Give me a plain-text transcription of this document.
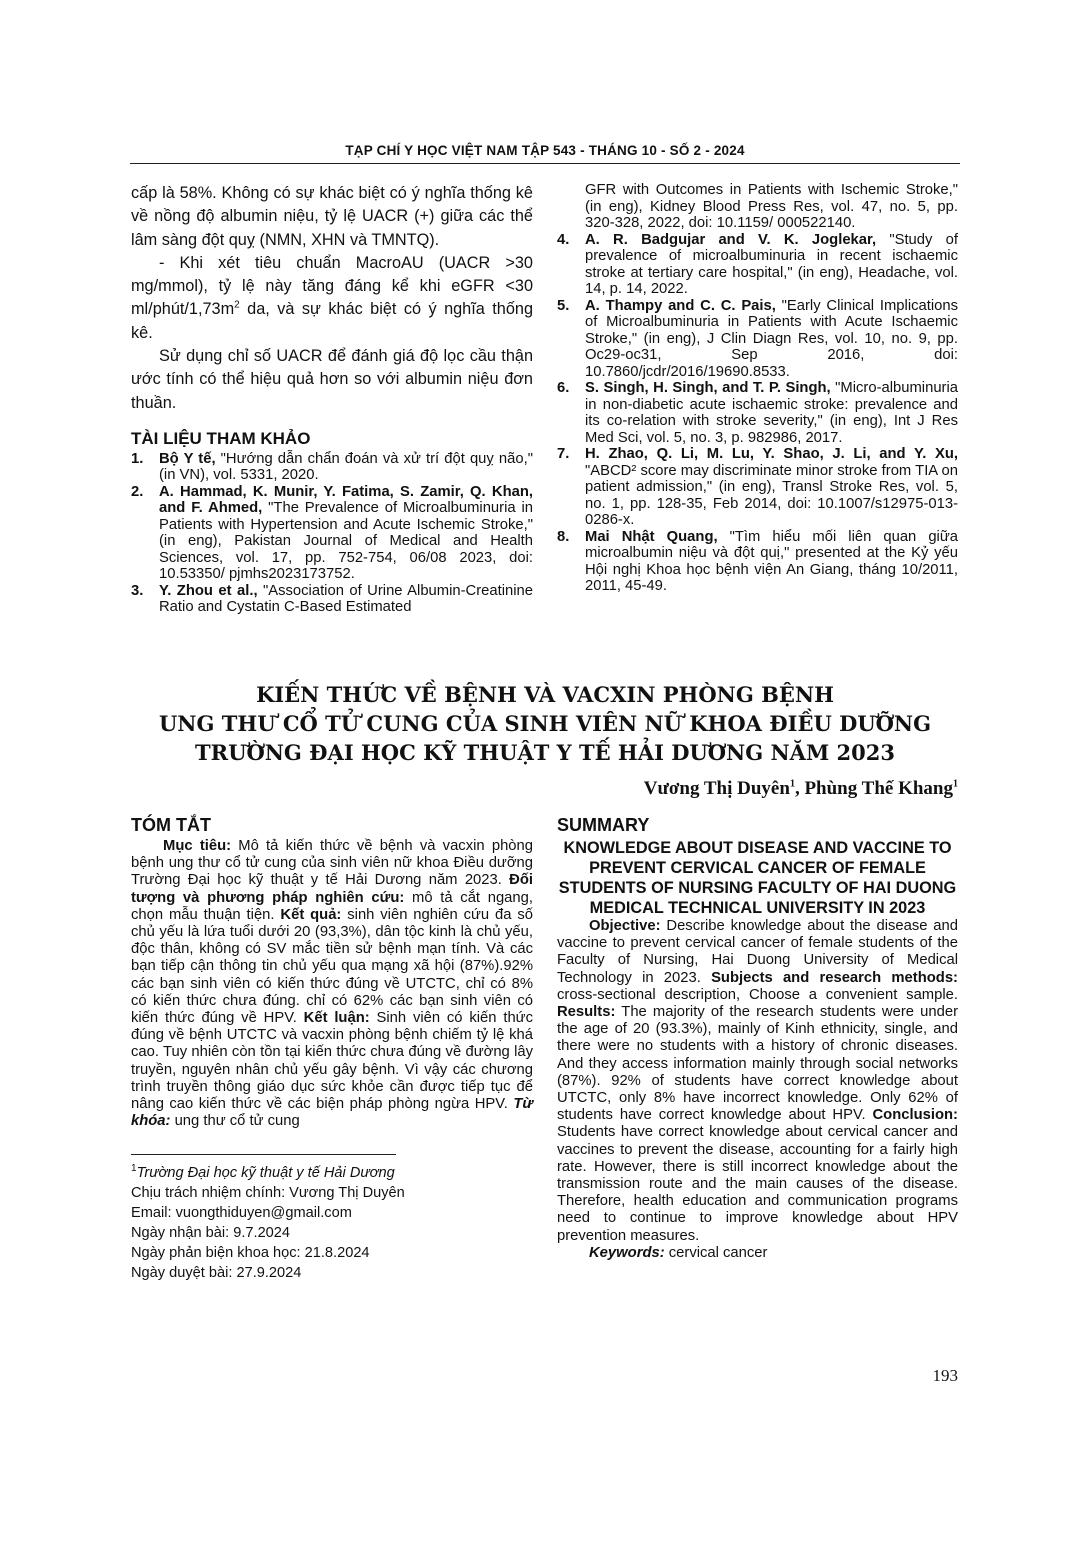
TẠP CHÍ Y HỌC VIỆT NAM TẬP 543 - THÁNG 10 - SỐ 2 - 2024

cấp là 58%. Không có sự khác biệt có ý nghĩa thống kê về nồng độ albumin niệu, tỷ lệ UACR (+) giữa các thể lâm sàng đột quỵ (NMN, XHN và TMNTQ).

- Khi xét tiêu chuẩn MacroAU (UACR >30 mg/mmol), tỷ lệ này tăng đáng kể khi eGFR <30 $ml/phút/1,73m^2$ da, và sự khác biệt có ý nghĩa thống kê.

Sử dụng chỉ số UACR để đánh giá độ lọc cầu thận ước tính có thể hiệu quả hơn so với albumin niệu đơn thuần.

TÀI LIỆU THAM KHẢO
1.	Bộ Y tế, "Hướng dẫn chẩn đoán và xử trí đột quỵ não," (in VN), vol. 5331, 2020.
2.	A. Hammad, K. Munir, Y. Fatima, S. Zamir, Q. Khan, and F. Ahmed, "The Prevalence of Microalbuminuria in Patients with Hypertension and Acute Ischemic Stroke," (in eng), Pakistan Journal of Medical and Health Sciences, vol. 17, pp. 752-754, 06/08 2023, doi: 10.53350/ pjmhs2023173752.
3.	Y. Zhou et al., "Association of Urine Albumin-Creatinine Ratio and Cystatin C-Based Estimated

GFR with Outcomes in Patients with Ischemic Stroke," (in eng), Kidney Blood Press Res, vol. 47, no. 5, pp. 320-328, 2022, doi: 10.1159/ 000522140.

4.	A. R. Badgujar and V. K. Joglekar, "Study of prevalence of microalbuminuria in recent ischaemic stroke at tertiary care hospital," (in eng), Headache, vol. 14, p. 14, 2022.
5.	A. Thampy and C. C. Pais, "Early Clinical Implications of Microalbuminuria in Patients with Acute Ischaemic Stroke," (in eng), J Clin Diagn Res, vol. 10, no. 9, pp. Oc29-oc31, Sep 2016, doi: 10.7860/jcdr/2016/19690.8533.
6.	S. Singh, H. Singh, and T. P. Singh, "Micro-albuminuria in non-diabetic acute ischaemic stroke: prevalence and its co-relation with stroke severity," (in eng), Int J Res Med Sci, vol. 5, no. 3, p. 982986, 2017.
7.	H. Zhao, Q. Li, M. Lu, Y. Shao, J. Li, and Y. Xu, "ABCD² score may discriminate minor stroke from TIA on patient admission," (in eng), Transl Stroke Res, vol. 5, no. 1, pp. 128-35, Feb 2014, doi: 10.1007/s12975-013-0286-x.
8.	Mai Nhật Quang, "Tìm hiểu mối liên quan giữa microalbumin niệu và đột quị," presented at the Kỷ yếu Hội nghị Khoa học bệnh viện An Giang, tháng 10/2011, 2011, 45-49.
KIẾN THỨC VỀ BỆNH VÀ VACXIN PHÒNG BỆNH
UNG THƯ CỔ TỬ CUNG CỦA SINH VIÊN NỮ KHOA ĐIỀU DƯỠNG
TRƯỜNG ĐẠI HỌC KỸ THUẬT Y TẾ HẢI DƯƠNG NĂM 2023
Vương Thị Duyên$^1$, Phùng Thế Khang$^1$
TÓM TẮT

Mục tiêu: Mô tả kiến thức về bệnh và vacxin phòng bệnh ung thư cổ tử cung của sinh viên nữ khoa Điều dưỡng Trường Đại học kỹ thuật y tế Hải Dương năm 2023. Đối tượng và phương pháp nghiên cứu: mô tả cắt ngang, chọn mẫu thuận tiện. Kết quả: sinh viên nghiên cứu đa số chủ yếu là lứa tuổi dưới 20 (93,3%), dân tộc kinh là chủ yếu, độc thân, không có SV mắc tiền sử bệnh mạn tính. Và các bạn tiếp cận thông tin chủ yếu qua mạng xã hội (87%).92% các bạn sinh viên có kiến thức đúng về UTCTC, chỉ có 8% có kiến thức chưa đúng. chỉ có 62% các bạn sinh viên có kiến thức đúng về HPV. Kết luận: Sinh viên có kiến thức đúng về bệnh UTCTC và vacxin phòng bệnh chiếm tỷ lệ khá cao. Tuy nhiên còn tồn tại kiến thức chưa đúng về đường lây truyền, nguyên nhân chủ yếu gây bệnh. Vì vậy các chương trình truyền thông giáo dục sức khỏe cần được tiếp tục để nâng cao kiến thức về các biện pháp phòng ngừa HPV. Từ khóa: ung thư cổ tử cung

$^1$Trường Đại học kỹ thuật y tế Hải Dương

Chịu trách nhiệm chính: Vương Thị Duyên

Email: vuongthiduyen@gmail.com

Ngày nhận bài: 9.7.2024

Ngày phản biện khoa học: 21.8.2024

Ngày duyệt bài: 27.9.2024

SUMMARY

KNOWLEDGE ABOUT DISEASE AND VACCINE TO PREVENT CERVICAL CANCER OF FEMALE STUDENTS OF NURSING FACULTY OF HAI DUONG MEDICAL TECHNICAL UNIVERSITY IN 2023

Objective: Describe knowledge about the disease and vaccine to prevent cervical cancer of female students of the Faculty of Nursing, Hai Duong University of Medical Technology in 2023. Subjects and research methods: cross-sectional description, Choose a convenient sample. Results: The majority of the research students were under the age of 20 (93.3%), mainly of Kinh ethnicity, single, and there were no students with a history of chronic diseases. And they access information mainly through social networks (87%). 92% of students have correct knowledge about UTCTC, only 8% have incorrect knowledge. Only 62% of students have correct knowledge about HPV. Conclusion: Students have correct knowledge about cervical cancer and vaccines to prevent the disease, accounting for a fairly high rate. However, there is still incorrect knowledge about the transmission route and the main causes of the disease. Therefore, health education and communication programs need to continue to improve knowledge about HPV prevention measures.

Keywords: cervical cancer

193
